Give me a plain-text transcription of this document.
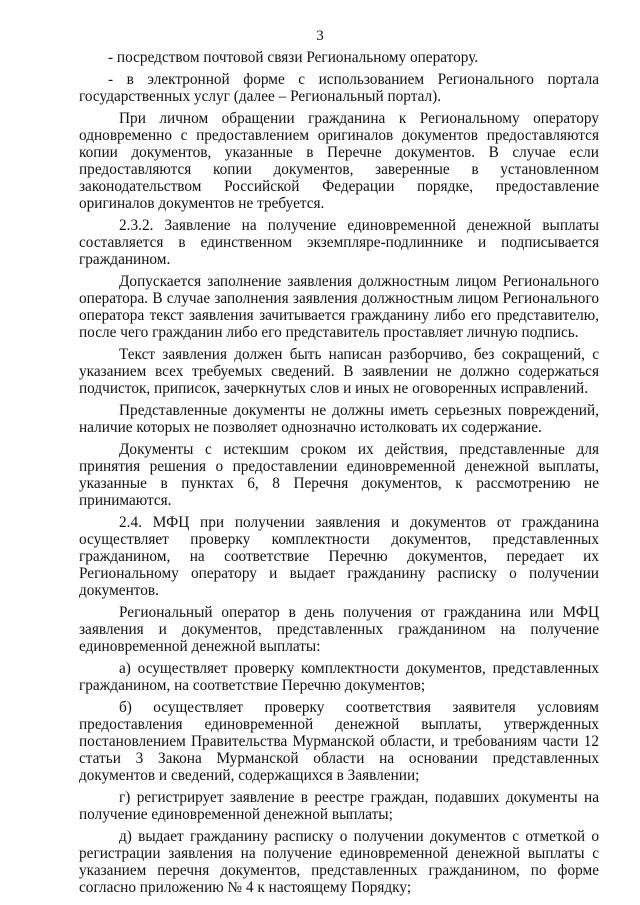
3

- посредством почтовой связи Региональному оператору.

- в электронной форме с использованием Регионального портала государственных услуг (далее – Региональный портал).

При личном обращении гражданина к Региональному оператору одновременно с предоставлением оригиналов документов предоставляются копии документов, указанные в Перечне документов. В случае если предоставляются копии документов, заверенные в установленном законодательством Российской Федерации порядке, предоставление оригиналов документов не требуется.

2.3.2. Заявление на получение единовременной денежной выплаты составляется в единственном экземпляре-подлиннике и подписывается гражданином.

Допускается заполнение заявления должностным лицом Регионального оператора. В случае заполнения заявления должностным лицом Регионального оператора текст заявления зачитывается гражданину либо его представителю, после чего гражданин либо его представитель проставляет личную подпись.

Текст заявления должен быть написан разборчиво, без сокращений, с указанием всех требуемых сведений. В заявлении не должно содержаться подчисток, приписок, зачеркнутых слов и иных не оговоренных исправлений.

Представленные документы не должны иметь серьезных повреждений, наличие которых не позволяет однозначно истолковать их содержание.

Документы с истекшим сроком их действия, представленные для принятия решения о предоставлении единовременной денежной выплаты, указанные в пунктах 6, 8 Перечня документов, к рассмотрению не принимаются.

2.4. МФЦ при получении заявления и документов от гражданина осуществляет проверку комплектности документов, представленных гражданином, на соответствие Перечню документов, передает их Региональному оператору и выдает гражданину расписку о получении документов.

Региональный оператор в день получения от гражданина или МФЦ заявления и документов, представленных гражданином на получение единовременной денежной выплаты:

а) осуществляет проверку комплектности документов, представленных гражданином, на соответствие Перечню документов;

б) осуществляет проверку соответствия заявителя условиям предоставления единовременной денежной выплаты, утвержденных постановлением Правительства Мурманской области, и требованиям части 12 статьи 3 Закона Мурманской области на основании представленных документов и сведений, содержащихся в Заявлении;

г) регистрирует заявление в реестре граждан, подавших документы на получение единовременной денежной выплаты;

д) выдает гражданину расписку о получении документов с отметкой о регистрации заявления на получение единовременной денежной выплаты с указанием перечня документов, представленных гражданином, по форме согласно приложению № 4 к настоящему Порядку;
